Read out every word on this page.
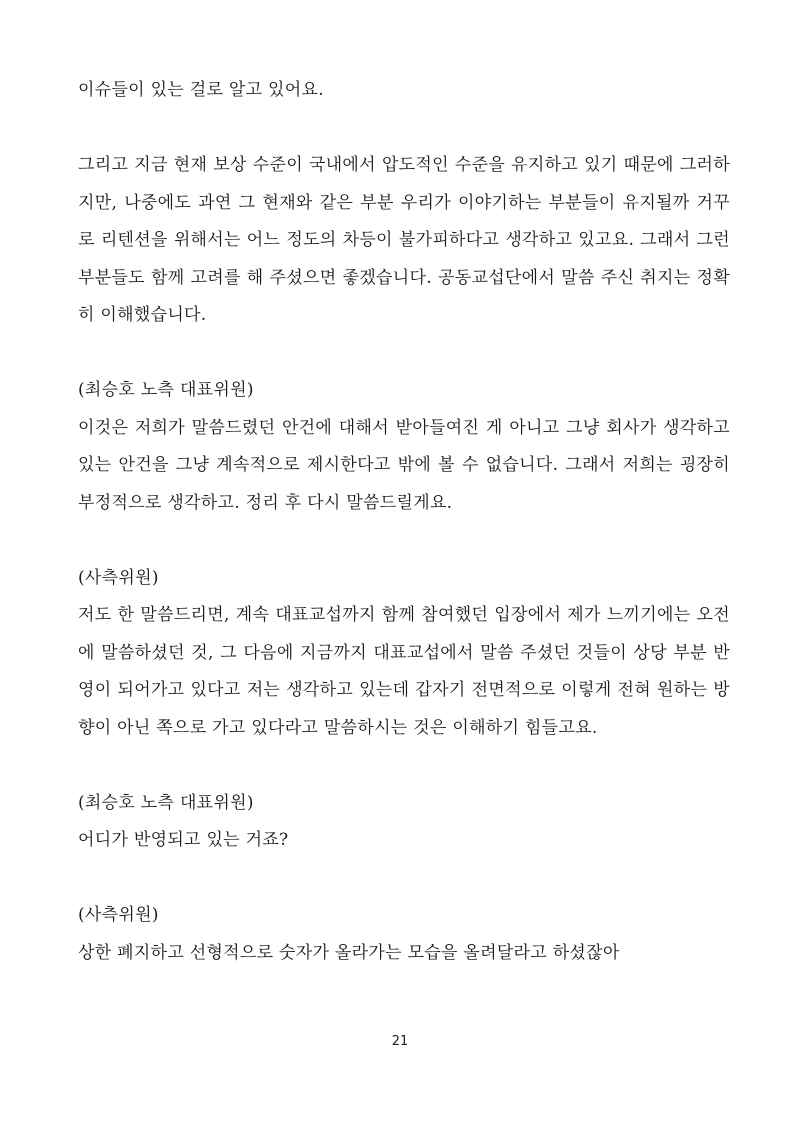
이슈들이 있는 걸로 알고 있어요.

그리고 지금 현재 보상 수준이 국내에서 압도적인 수준을 유지하고 있기 때문에 그러하지만, 나중에도 과연 그 현재와 같은 부분 우리가 이야기하는 부분들이 유지될까 거꾸로 리텐션을 위해서는 어느 정도의 차등이 불가피하다고 생각하고 있고요. 그래서 그런 부분들도 함께 고려를 해 주셨으면 좋겠습니다. 공동교섭단에서 말씀 주신 취지는 정확히 이해했습니다.

(최승호 노측 대표위원)

이것은 저희가 말씀드렸던 안건에 대해서 받아들여진 게 아니고 그냥 회사가 생각하고 있는 안건을 그냥 계속적으로 제시한다고 밖에 볼 수 없습니다. 그래서 저희는 굉장히 부정적으로 생각하고. 정리 후 다시 말씀드릴게요.

(사측위원)

저도 한 말씀드리면, 계속 대표교섭까지 함께 참여했던 입장에서 제가 느끼기에는 오전에 말씀하셨던 것, 그 다음에 지금까지 대표교섭에서 말씀 주셨던 것들이 상당 부분 반영이 되어가고 있다고 저는 생각하고 있는데 갑자기 전면적으로 이렇게 전혀 원하는 방향이 아닌 쪽으로 가고 있다라고 말씀하시는 것은 이해하기 힘들고요.

(최승호 노측 대표위원)

어디가 반영되고 있는 거죠?

(사측위원)

상한 폐지하고 선형적으로 숫자가 올라가는 모습을 올려달라고 하셨잖아

21
